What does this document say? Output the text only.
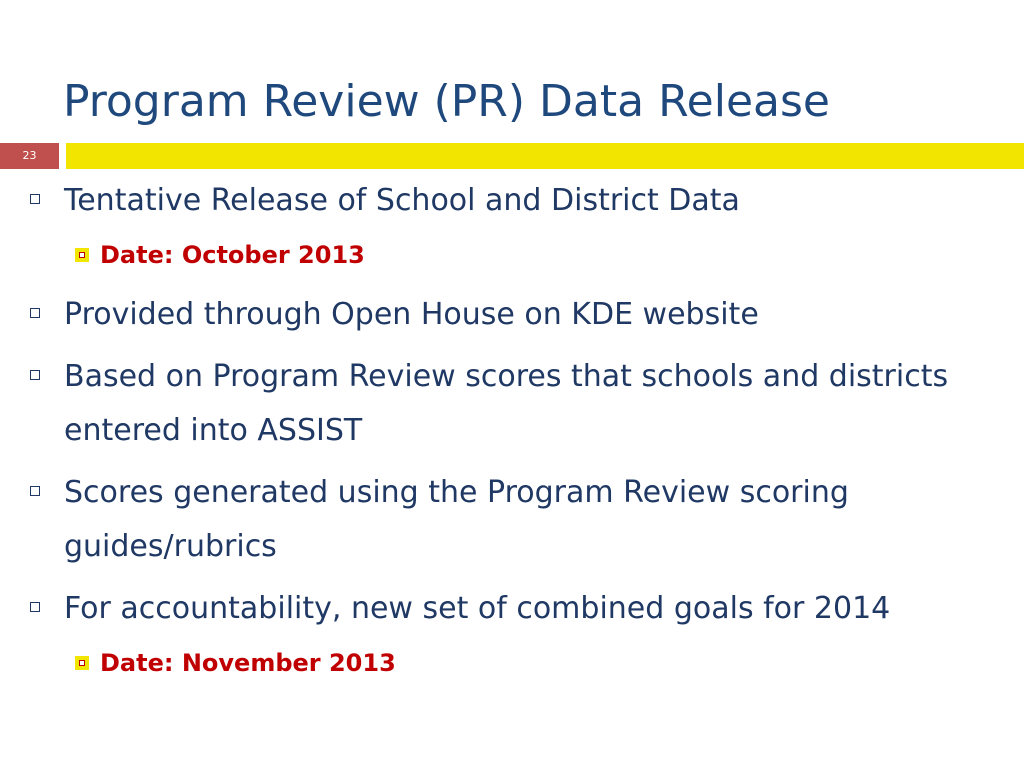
Program Review (PR) Data Release
23
Tentative Release of School and District Data
Date: October 2013
Provided through Open House on KDE website
Based on Program Review scores that schools and districts entered into ASSIST
Scores generated using the Program Review scoring guides/rubrics
For accountability, new set of combined goals for 2014
Date: November 2013
